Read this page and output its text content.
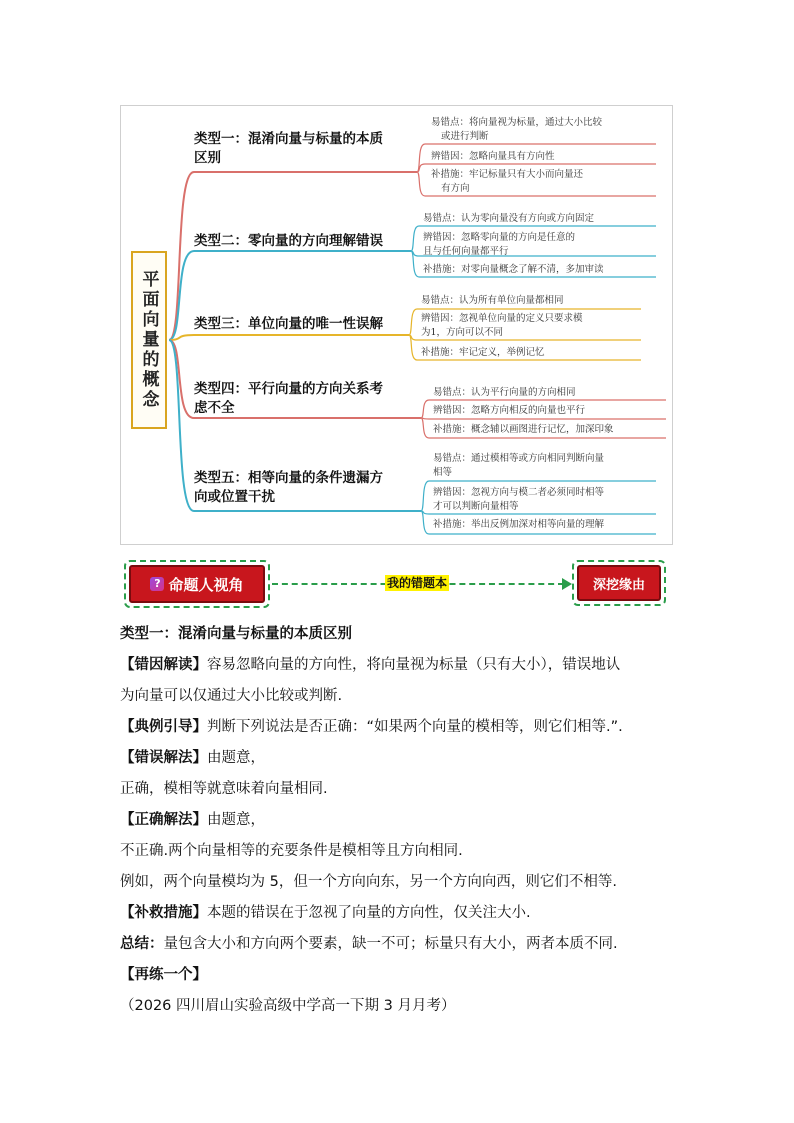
平面向量的概念
类型一：混淆向量与标量的本质
区别
易错点：将向量视为标量，通过大小比较
或进行判断
辨错因：忽略向量具有方向性
补措施：牢记标量只有大小而向量还
有方向
类型二：零向量的方向理解错误
易错点：认为零向量没有方向或方向固定
辨错因：忽略零向量的方向是任意的
且与任何向量都平行
补措施：对零向量概念了解不清，多加审读
类型三：单位向量的唯一性误解
易错点：认为所有单位向量都相同
辨错因：忽视单位向量的定义只要求模
为1，方向可以不同
补措施：牢记定义，举例记忆
类型四：平行向量的方向关系考
虑不全
易错点：认为平行向量的方向相同
辨错因：忽略方向相反的向量也平行
补措施：概念辅以画图进行记忆，加深印象
类型五：相等向量的条件遗漏方
向或位置干扰
易错点：通过模相等或方向相同判断向量
相等
辨错因：忽视方向与模二者必须同时相等
才可以判断向量相等
补措施：举出反例加深对相等向量的理解
? 命题人视角	我的错题本	深挖缘由
类型一：混淆向量与标量的本质区别
【错因解读】容易忽略向量的方向性，将向量视为标量（只有大小），错误地认
为向量可以仅通过大小比较或判断.
【典例引导】判断下列说法是否正确：“如果两个向量的模相等，则它们相等.”.
【错误解法】由题意，
正确，模相等就意味着向量相同.
【正确解法】由题意，
不正确.两个向量相等的充要条件是模相等且方向相同.
例如，两个向量模均为 5，但一个方向向东，另一个方向向西，则它们不相等.
【补救措施】本题的错误在于忽视了向量的方向性，仅关注大小.
总结：量包含大小和方向两个要素，缺一不可；标量只有大小，两者本质不同.
【再练一个】
（2026 四川眉山实验高级中学高一下期 3 月月考）
